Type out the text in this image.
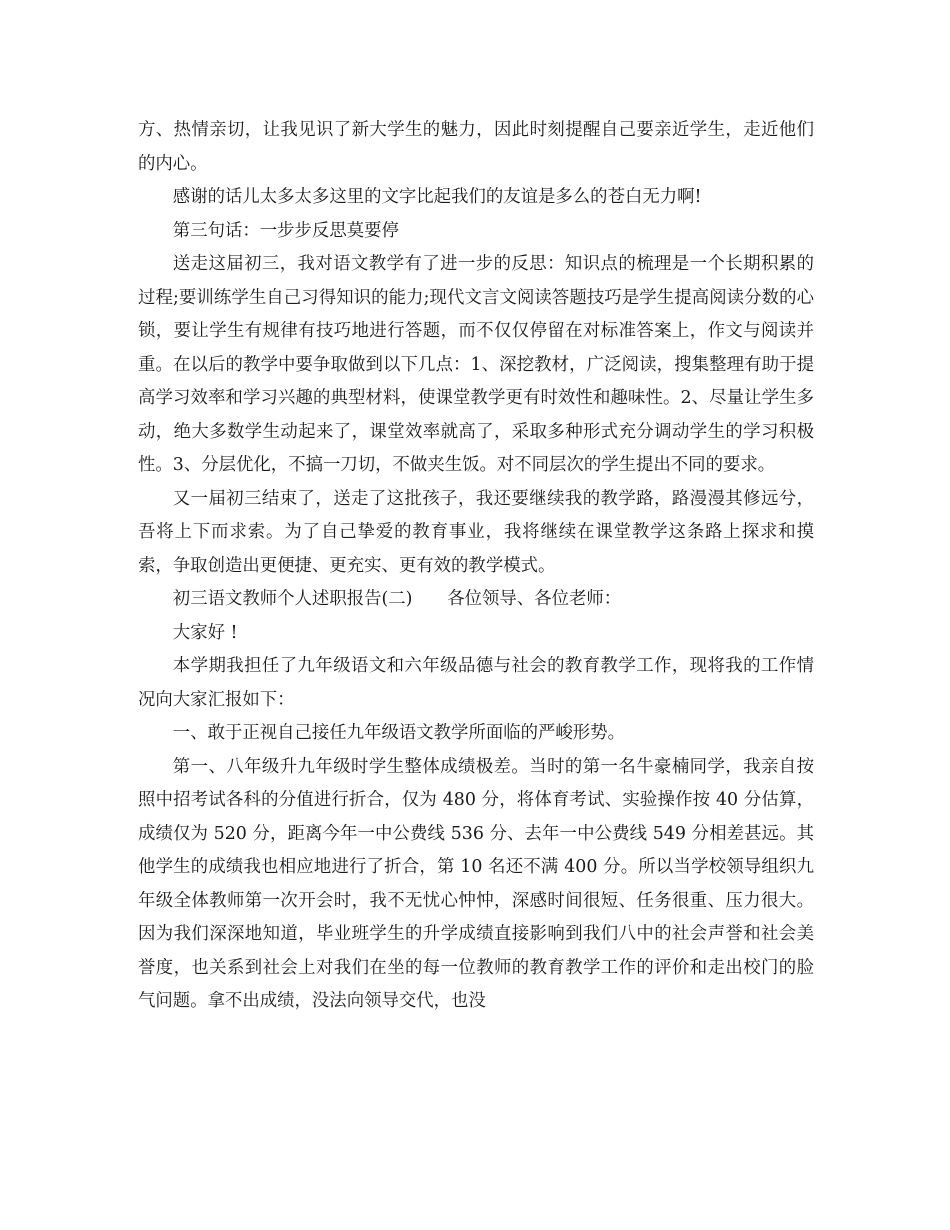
方、热情亲切，让我见识了新大学生的魅力，因此时刻提醒自己要亲近学生，走近他们的内心。

感谢的话儿太多太多这里的文字比起我们的友谊是多么的苍白无力啊!

第三句话：一步步反思莫要停

送走这届初三，我对语文教学有了进一步的反思：知识点的梳理是一个长期积累的过程;要训练学生自己习得知识的能力;现代文言文阅读答题技巧是学生提高阅读分数的心锁，要让学生有规律有技巧地进行答题，而不仅仅停留在对标准答案上，作文与阅读并重。在以后的教学中要争取做到以下几点：1、深挖教材，广泛阅读，搜集整理有助于提高学习效率和学习兴趣的典型材料，使课堂教学更有时效性和趣味性。2、尽量让学生多动，绝大多数学生动起来了，课堂效率就高了，采取多种形式充分调动学生的学习积极性。3、分层优化，不搞一刀切，不做夹生饭。对不同层次的学生提出不同的要求。

又一届初三结束了，送走了这批孩子，我还要继续我的教学路，路漫漫其修远兮，吾将上下而求索。为了自己挚爱的教育事业，我将继续在课堂教学这条路上探求和摸索，争取创造出更便捷、更充实、更有效的教学模式。

初三语文教师个人述职报告(二)　　各位领导、各位老师：

大家好 !

本学期我担任了九年级语文和六年级品德与社会的教育教学工作，现将我的工作情况向大家汇报如下：

一、敢于正视自己接任九年级语文教学所面临的严峻形势。

第一、八年级升九年级时学生整体成绩极差。当时的第一名牛豪楠同学，我亲自按照中招考试各科的分值进行折合，仅为 480 分，将体育考试、实验操作按 40 分估算，成绩仅为 520 分，距离今年一中公费线 536 分、去年一中公费线 549 分相差甚远。其他学生的成绩我也相应地进行了折合，第 10 名还不满 400 分。所以当学校领导组织九年级全体教师第一次开会时，我不无忧心忡忡，深感时间很短、任务很重、压力很大。因为我们深深地知道，毕业班学生的升学成绩直接影响到我们八中的社会声誉和社会美誉度，也关系到社会上对我们在坐的每一位教师的教育教学工作的评价和走出校门的脸气问题。拿不出成绩，没法向领导交代，也没
